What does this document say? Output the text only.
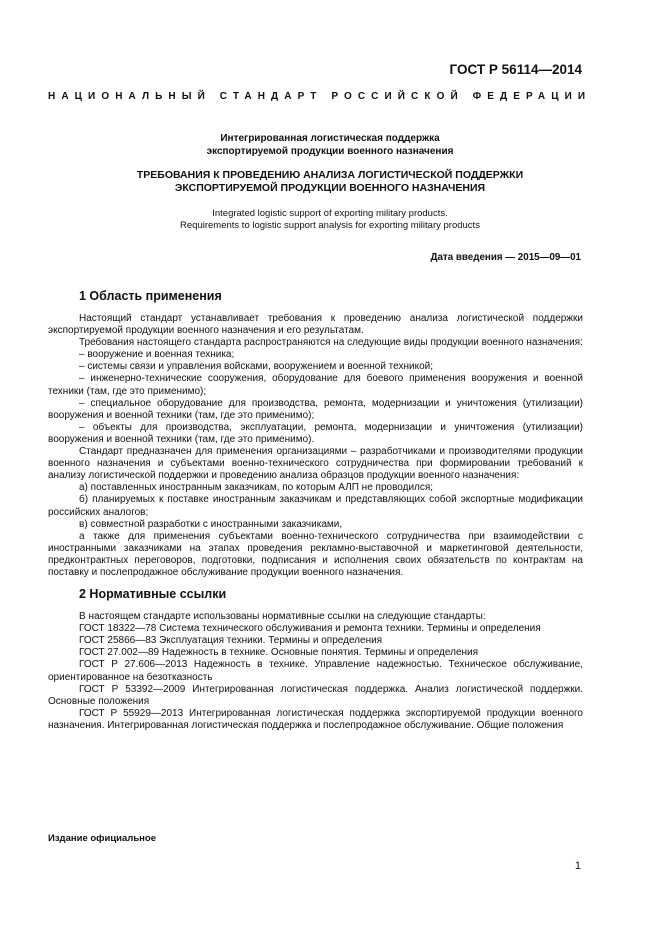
ГОСТ Р 56114—2014
НАЦИОНАЛЬНЫЙ СТАНДАРТ РОССИЙСКОЙ ФЕДЕРАЦИИ
Интегрированная логистическая поддержка
экспортируемой продукции военного назначения
ТРЕБОВАНИЯ К ПРОВЕДЕНИЮ АНАЛИЗА ЛОГИСТИЧЕСКОЙ ПОДДЕРЖКИ
ЭКСПОРТИРУЕМОЙ ПРОДУКЦИИ ВОЕННОГО НАЗНАЧЕНИЯ
Integrated logistic support of exporting military products.
Requirements to logistic support analysis for exporting military products
Дата введения — 2015—09—01
1 Область применения

Настоящий стандарт устанавливает требования к проведению анализа логистической поддержки экспортируемой продукции военного назначения и его результатам.

Требования настоящего стандарта распространяются на следующие виды продукции военного назначения:

– вооружение и военная техника;

– системы связи и управления войсками, вооружением и военной техникой;

– инженерно-технические сооружения, оборудование для боевого применения вооружения и военной техники (там, где это применимо);

– специальное оборудование для производства, ремонта, модернизации и уничтожения (утилизации) вооружения и военной техники (там, где это применимо);

– объекты для производства, эксплуатации, ремонта, модернизации и уничтожения (утилизации) вооружения и военной техники (там, где это применимо).

Стандарт предназначен для применения организациями – разработчиками и производителями продукции военного назначения и субъектами военно-технического сотрудничества при формировании требований к анализу логистической поддержки и проведению анализа образцов продукции военного назначения:

а) поставленных иностранным заказчикам, по которым АЛП не проводился;

б) планируемых к поставке иностранным заказчикам и представляющих собой экспортные модификации российских аналогов;

в) совместной разработки с иностранными заказчиками,

а также для применения субъектами военно-технического сотрудничества при взаимодействии с иностранными заказчиками на этапах проведения рекламно-выставочной и маркетинговой деятельности, предконтрактных переговоров, подготовки, подписания и исполнения своих обязательств по контрактам на поставку и послепродажное обслуживание продукции военного назначения.

2 Нормативные ссылки

В настоящем стандарте использованы нормативные ссылки на следующие стандарты:

ГОСТ 18322—78 Система технического обслуживания и ремонта техники. Термины и определения

ГОСТ 25866—83 Эксплуатация техники. Термины и определения

ГОСТ 27.002—89 Надежность в технике. Основные понятия. Термины и определения

ГОСТ Р 27.606—2013 Надежность в технике. Управление надежностью. Техническое обслуживание, ориентированное на безотказность

ГОСТ Р 53392—2009 Интегрированная логистическая поддержка. Анализ логистической поддержки. Основные положения

ГОСТ Р 55929—2013 Интегрированная логистическая поддержка экспортируемой продукции военного назначения. Интегрированная логистическая поддержка и послепродажное обслуживание. Общие положения

Издание официальное
1
